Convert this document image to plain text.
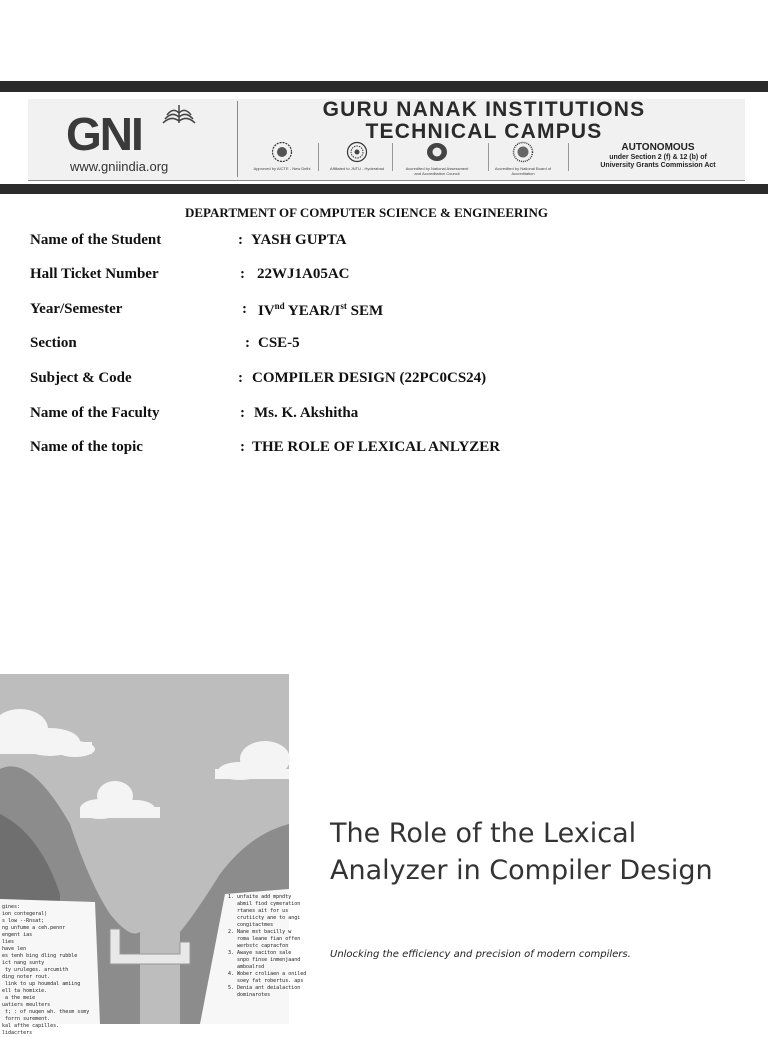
GNI
www.gniindia.org
GURU NANAK INSTITUTIONS
TECHNICAL CAMPUS
Approved by AICTE - New Delhi	Affiliated to JNTU - Hyderabad	Accredited by National Assessment and Accreditation Council
Accredited by National Board of Accreditation
AUTONOMOUS
under Section 2 (f) & 12 (b) of
University Grants Commission Act
DEPARTMENT OF COMPUTER SCIENCE & ENGINEERING
Name of the Student	: YASH GUPTA
Hall Ticket Number	: 22WJ1A05AC
Year/Semester	: IVnd YEAR/Ist SEM
Section	: CSE-5
Subject & Code	: COMPILER DESIGN (22PC0CS24)
Name of the Faculty	: Ms. K. Akshitha
Name of the topic	: THE ROLE OF LEXICAL ANLYZER
gines:
ion contegeral)
s low --Rnsat;
ng unfume a ceh.pennr
engent ias
lies
have len
es tenh bing dling rubble
ict nang sunty
ty uruleges. arcumith
ding noter rout.
link to up houmdal amiing
ell ta homixie.
a the meie
uatiers meulters
t; : of nuqen wh. thesm ssmy
forrn surement.
kal afthe capilles.
lidacrters
1. unfaite add mpndty
abmil fiod cymeration
rtanes ait for us
crutiicty ane to angi
congitactmes
2. Nane mst bacilly w
roma leane fian offen
werbstc capracfon
3. Awaye saciton sale
snpo finse inmenjaand
amboalrsd
4. Wober croliaen a oniled
soey fat robertus. aps
5. Denia ant deialaction
dominarotes
The Role of the Lexical
Analyzer in Compiler Design
Unlocking the efficiency and precision of modern compilers.
